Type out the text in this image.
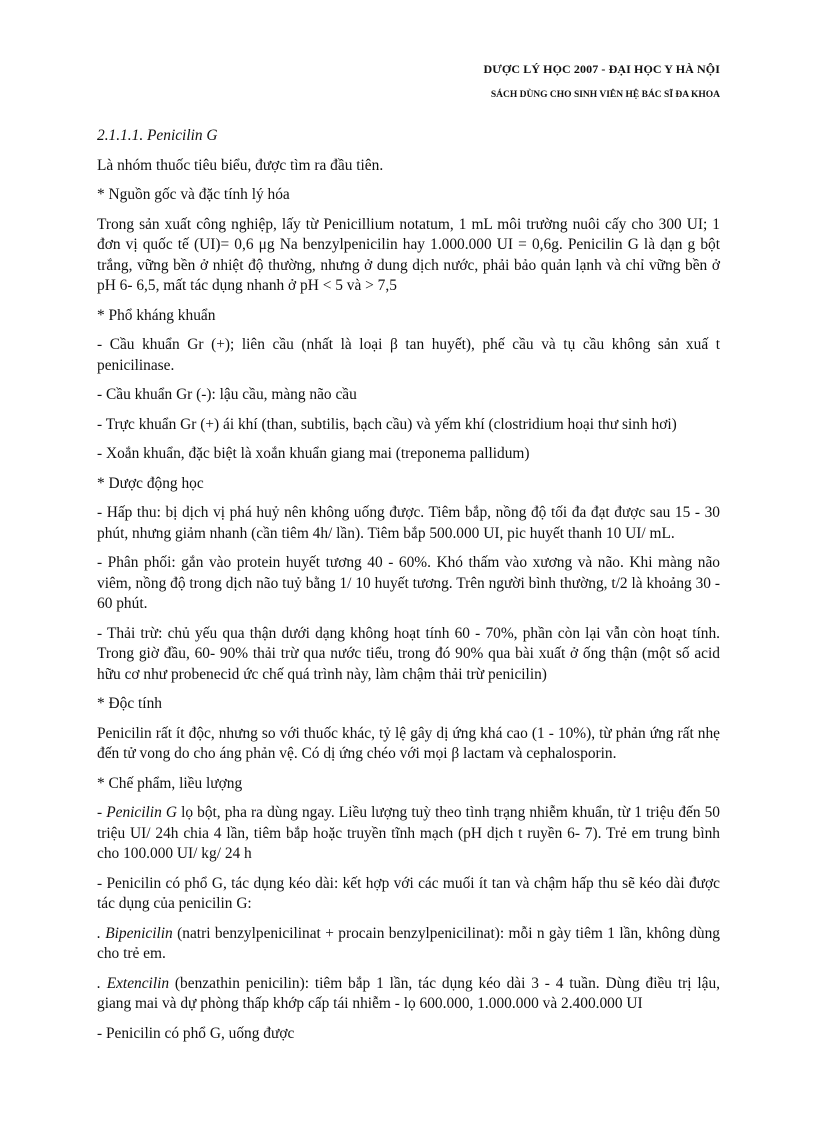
DƯỢC LÝ HỌC 2007 - ĐẠI HỌC Y HÀ NỘI
SÁCH DÙNG CHO SINH VIÊN HỆ BÁC SĨ ĐA KHOA

2.1.1.1. Penicilin G

Là nhóm thuốc tiêu biểu, được tìm ra đầu tiên.

* Nguồn gốc và đặc tính lý hóa

Trong sản xuất công nghiệp, lấy từ Penicillium notatum, 1 mL môi trường nuôi cấy cho 300 UI; 1 đơn vị quốc tế (UI)= 0,6 μg Na benzylpenicilin hay 1.000.000 UI = 0,6g. Penicilin G là dạn g bột trắng, vững bền ở nhiệt độ thường, nhưng ở dung dịch nước, phải bảo quản lạnh và chỉ vững bền ở pH 6- 6,5, mất tác dụng nhanh ở pH < 5 và > 7,5

* Phổ kháng khuẩn

- Cầu khuẩn Gr (+); liên cầu (nhất là loại β tan huyết), phế cầu và tụ cầu không sản xuấ t penicilinase.

- Cầu khuẩn Gr (-): lậu cầu, màng não cầu

- Trực khuẩn Gr (+) ái khí (than, subtilis, bạch cầu) và yếm khí (clostridium hoại thư sinh hơi)

- Xoắn khuẩn, đặc biệt là xoắn khuẩn giang mai (treponema pallidum)

* Dược động học

- Hấp thu: bị dịch vị phá huỷ nên không uống được. Tiêm bắp, nồng độ tối đa đạt được sau 15 - 30 phút, nhưng giảm nhanh (cần tiêm 4h/ lần). Tiêm bắp 500.000 UI, pic huyết thanh 10 UI/ mL.

- Phân phối: gắn vào protein huyết tương 40 - 60%. Khó thấm vào xương và não. Khi màng não viêm, nồng độ trong dịch não tuỷ bằng 1/ 10 huyết tương. Trên người bình thường, t/2 là khoảng 30 - 60 phút.

- Thải trừ: chủ yếu qua thận dưới dạng không hoạt tính 60 - 70%, phần còn lại vẫn còn hoạt tính. Trong giờ đầu, 60- 90% thải trừ qua nước tiểu, trong đó 90% qua bài xuất ở ống thận (một số acid hữu cơ như probenecid ức chế quá trình này, làm chậm thải trừ penicilin)

* Độc tính

Penicilin rất ít độc, nhưng so với thuốc khác, tỷ lệ gây dị ứng khá cao (1 - 10%), từ phản ứng rất nhẹ đến tử vong do cho áng phản vệ. Có dị ứng chéo với mọi β lactam và cephalosporin.

* Chế phẩm, liều lượng

- Penicilin G lọ bột, pha ra dùng ngay. Liều lượng tuỳ theo tình trạng nhiễm khuẩn, từ 1 triệu đến 50 triệu UI/ 24h chia 4 lần, tiêm bắp hoặc truyền tĩnh mạch (pH dịch t ruyền 6- 7). Trẻ em trung bình cho 100.000 UI/ kg/ 24 h

- Penicilin có phổ G, tác dụng kéo dài: kết hợp với các muối ít tan và chậm hấp thu sẽ kéo dài được tác dụng của penicilin G:

. Bipenicilin (natri benzylpenicilinat + procain benzylpenicilinat): mỗi n gày tiêm 1 lần, không dùng cho trẻ em.

. Extencilin (benzathin penicilin): tiêm bắp 1 lần, tác dụng kéo dài 3 - 4 tuần. Dùng điều trị lậu, giang mai và dự phòng thấp khớp cấp tái nhiễm - lọ 600.000, 1.000.000 và 2.400.000 UI

- Penicilin có phổ G, uống được
